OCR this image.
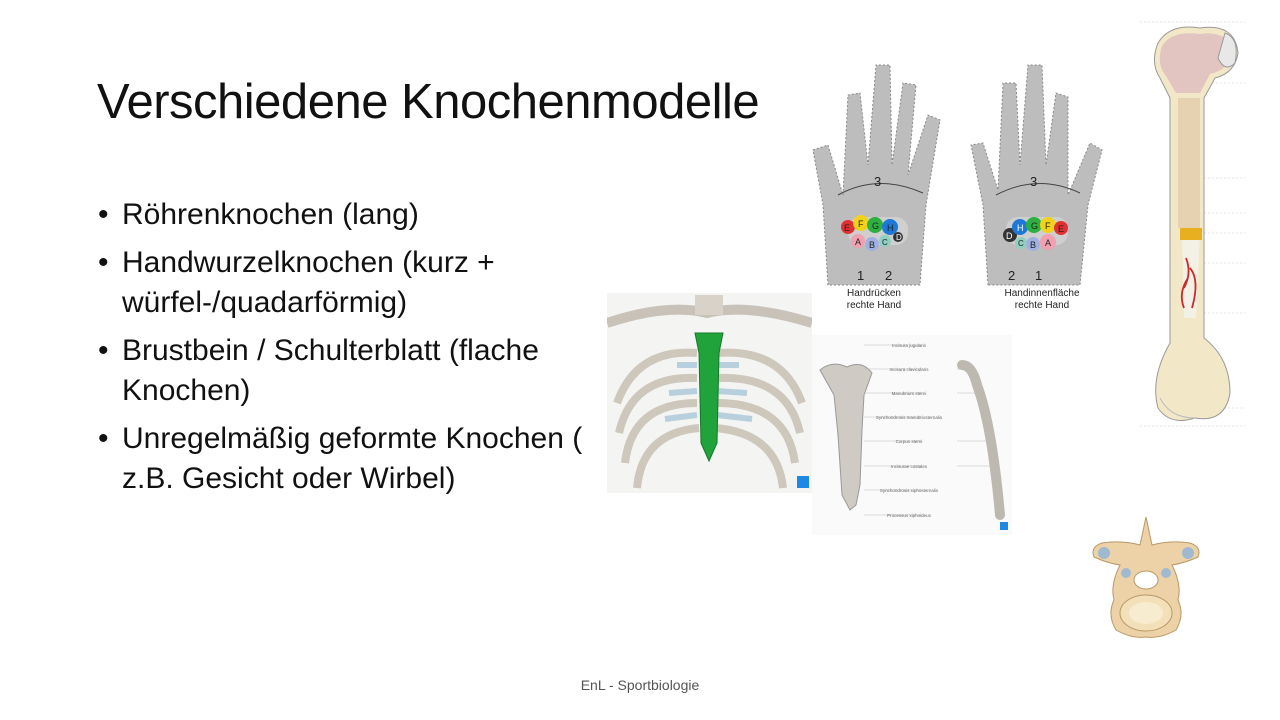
Verschiedene Knochenmodelle
• Röhrenknochen (lang)
• Handwurzelknochen (kurz + würfel-/quadarförmig)
• Brustbein / Schulterblatt (flache Knochen)
• Unregelmäßig geformte Knochen ( z.B. Gesicht oder Wirbel)
E F G H
A B C
D
3
1 2
Handrücken
rechte Hand
D
H G F E
C B A
3
2 1
Handinnenfläche
rechte Hand
Incisura jugularis
Incisura clavicularis
Manubrium sterni
Synchondrosis manubriosternalis
Corpus sterni
Incisurae costales
Synchondrosis xiphosternalis
Processus xiphoideus
EnL - Sportbiologie
